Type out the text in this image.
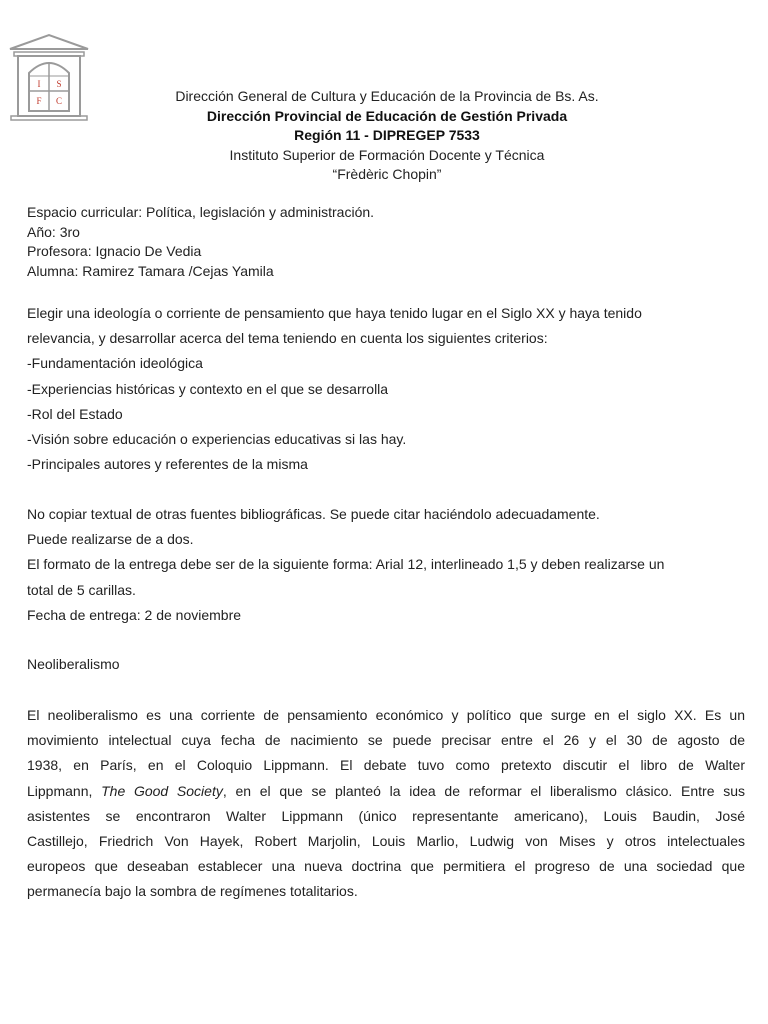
I S
F C	Dirección General de Cultura y Educación de la Provincia de Bs. As.
Dirección Provincial de Educación de Gestión Privada
Región 11 - DIPREGEP 7533
Instituto Superior de Formación Docente y Técnica
“Frèdèric Chopin”
Espacio curricular: Política, legislación y administración.
Año: 3ro
Profesora: Ignacio De Vedia
Alumna: Ramirez Tamara /Cejas Yamila
Elegir una ideología o corriente de pensamiento que haya tenido lugar en el Siglo XX y haya tenido
relevancia, y desarrollar acerca del tema teniendo en cuenta los siguientes criterios:
-Fundamentación ideológica
-Experiencias históricas y contexto en el que se desarrolla
-Rol del Estado
-Visión sobre educación o experiencias educativas si las hay.
-Principales autores y referentes de la misma
No copiar textual de otras fuentes bibliográficas. Se puede citar haciéndolo adecuadamente.
Puede realizarse de a dos.
El formato de la entrega debe ser de la siguiente forma: Arial 12, interlineado 1,5 y deben realizarse un
total de 5 carillas.
Fecha de entrega: 2 de noviembre
Neoliberalismo
El neoliberalismo es una corriente de pensamiento económico y político que surge en el siglo XX. Es un
movimiento intelectual cuya fecha de nacimiento se puede precisar entre el 26 y el 30 de agosto de
1938, en París, en el Coloquio Lippmann. El debate tuvo como pretexto discutir el libro de Walter
Lippmann, The Good Society, en el que se planteó la idea de reformar el liberalismo clásico. Entre sus
asistentes se encontraron Walter Lippmann (único representante americano), Louis Baudin, José
Castillejo, Friedrich Von Hayek, Robert Marjolin, Louis Marlio, Ludwig von Mises y otros intelectuales
europeos que deseaban establecer una nueva doctrina que permitiera el progreso de una sociedad que
permanecía bajo la sombra de regímenes totalitarios.
